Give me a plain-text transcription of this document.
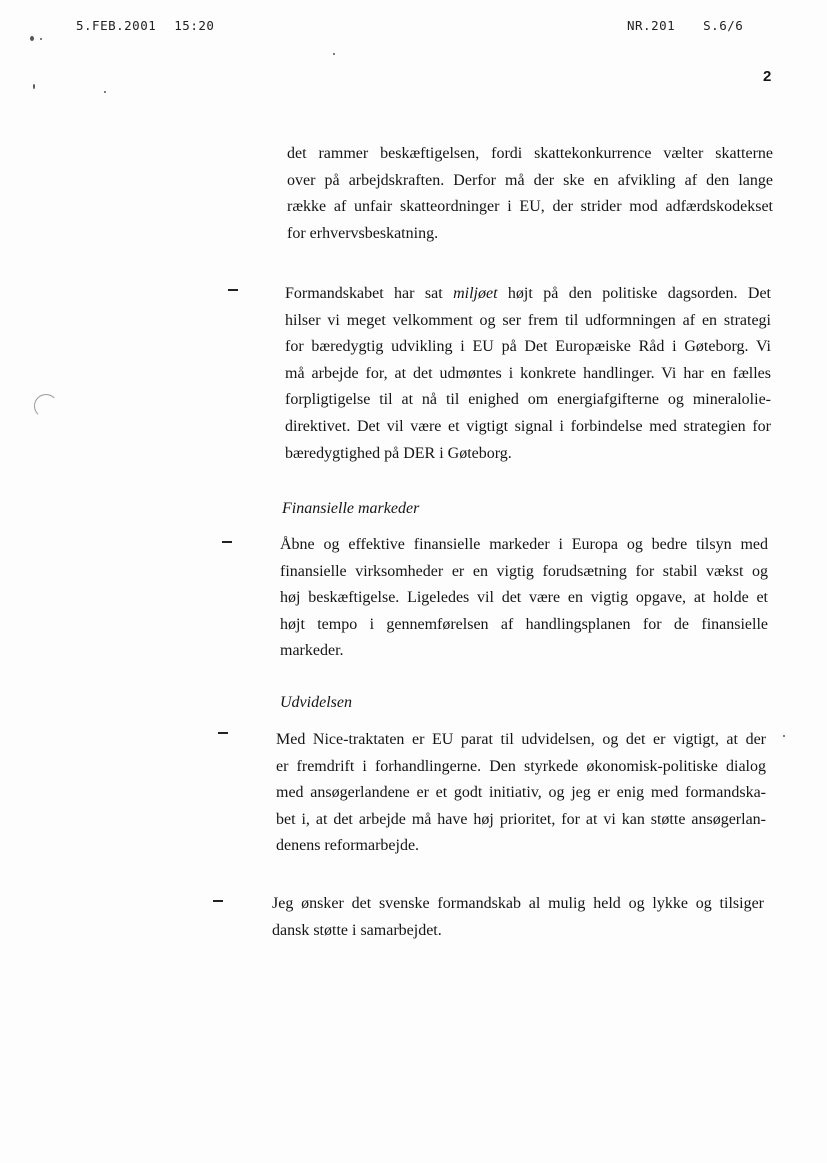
5.FEB.2001 15:20	NR.201 S.6/6
2
det rammer beskæftigelsen, fordi skattekonkurrence vælter skatterne
over på arbejdskraften. Derfor må der ske en afvikling af den lange
række af unfair skatteordninger i EU, der strider mod adfærdskodekset
for erhvervsbeskatning.
Formandskabet har sat miljøet højt på den politiske dagsorden. Det
hilser vi meget velkomment og ser frem til udformningen af en strategi
for bæredygtig udvikling i EU på Det Europæiske Råd i Gøteborg. Vi
må arbejde for, at det udmøntes i konkrete handlinger. Vi har en fælles
forpligtigelse til at nå til enighed om energiafgifterne og mineralolie-
direktivet. Det vil være et vigtigt signal i forbindelse med strategien for
bæredygtighed på DER i Gøteborg.
Finansielle markeder
Åbne og effektive finansielle markeder i Europa og bedre tilsyn med
finansielle virksomheder er en vigtig forudsætning for stabil vækst og
høj beskæftigelse. Ligeledes vil det være en vigtig opgave, at holde et
højt tempo i gennemførelsen af handlingsplanen for de finansielle
markeder.
Udvidelsen
Med Nice-traktaten er EU parat til udvidelsen, og det er vigtigt, at der
er fremdrift i forhandlingerne. Den styrkede økonomisk-politiske dialog
med ansøgerlandene er et godt initiativ, og jeg er enig med formandska-
bet i, at det arbejde må have høj prioritet, for at vi kan støtte ansøgerlan-
denens reformarbejde.
Jeg ønsker det svenske formandskab al mulig held og lykke og tilsiger
dansk støtte i samarbejdet.
